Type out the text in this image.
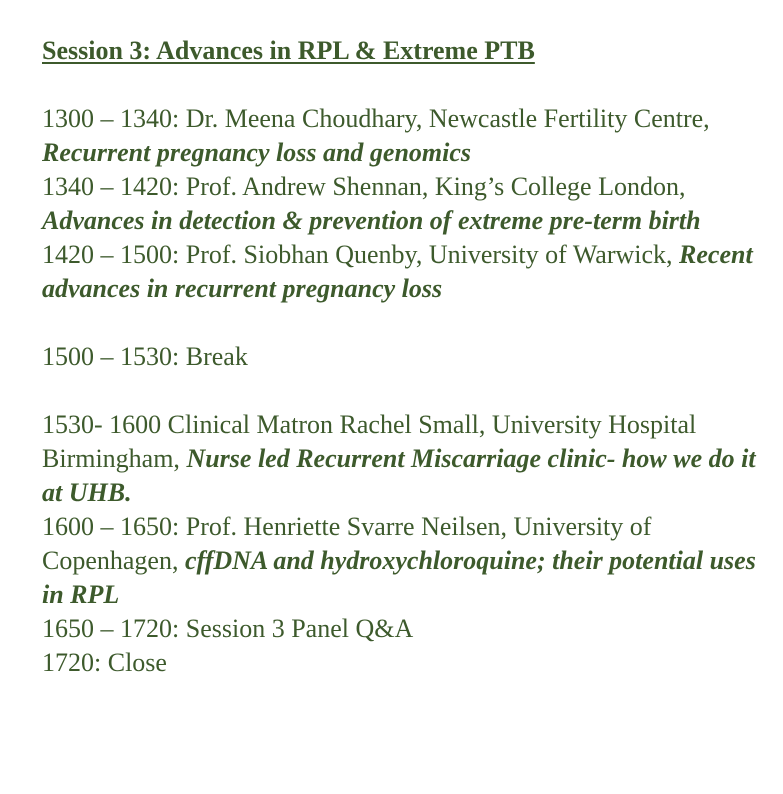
Session 3: Advances in RPL & Extreme PTB

1300 – 1340: Dr. Meena Choudhary, Newcastle Fertility Centre, Recurrent pregnancy loss and genomics

1340 – 1420: Prof. Andrew Shennan, King’s College London, Advances in detection & prevention of extreme pre-term birth

1420 – 1500: Prof. Siobhan Quenby, University of Warwick, Recent advances in recurrent pregnancy loss

1500 – 1530: Break

1530- 1600 Clinical Matron Rachel Small, University Hospital Birmingham, Nurse led Recurrent Miscarriage clinic- how we do it at UHB.

1600 – 1650: Prof. Henriette Svarre Neilsen, University of Copenhagen, cffDNA and hydroxychloroquine; their potential uses in RPL

1650 – 1720: Session 3 Panel Q&A

1720: Close
